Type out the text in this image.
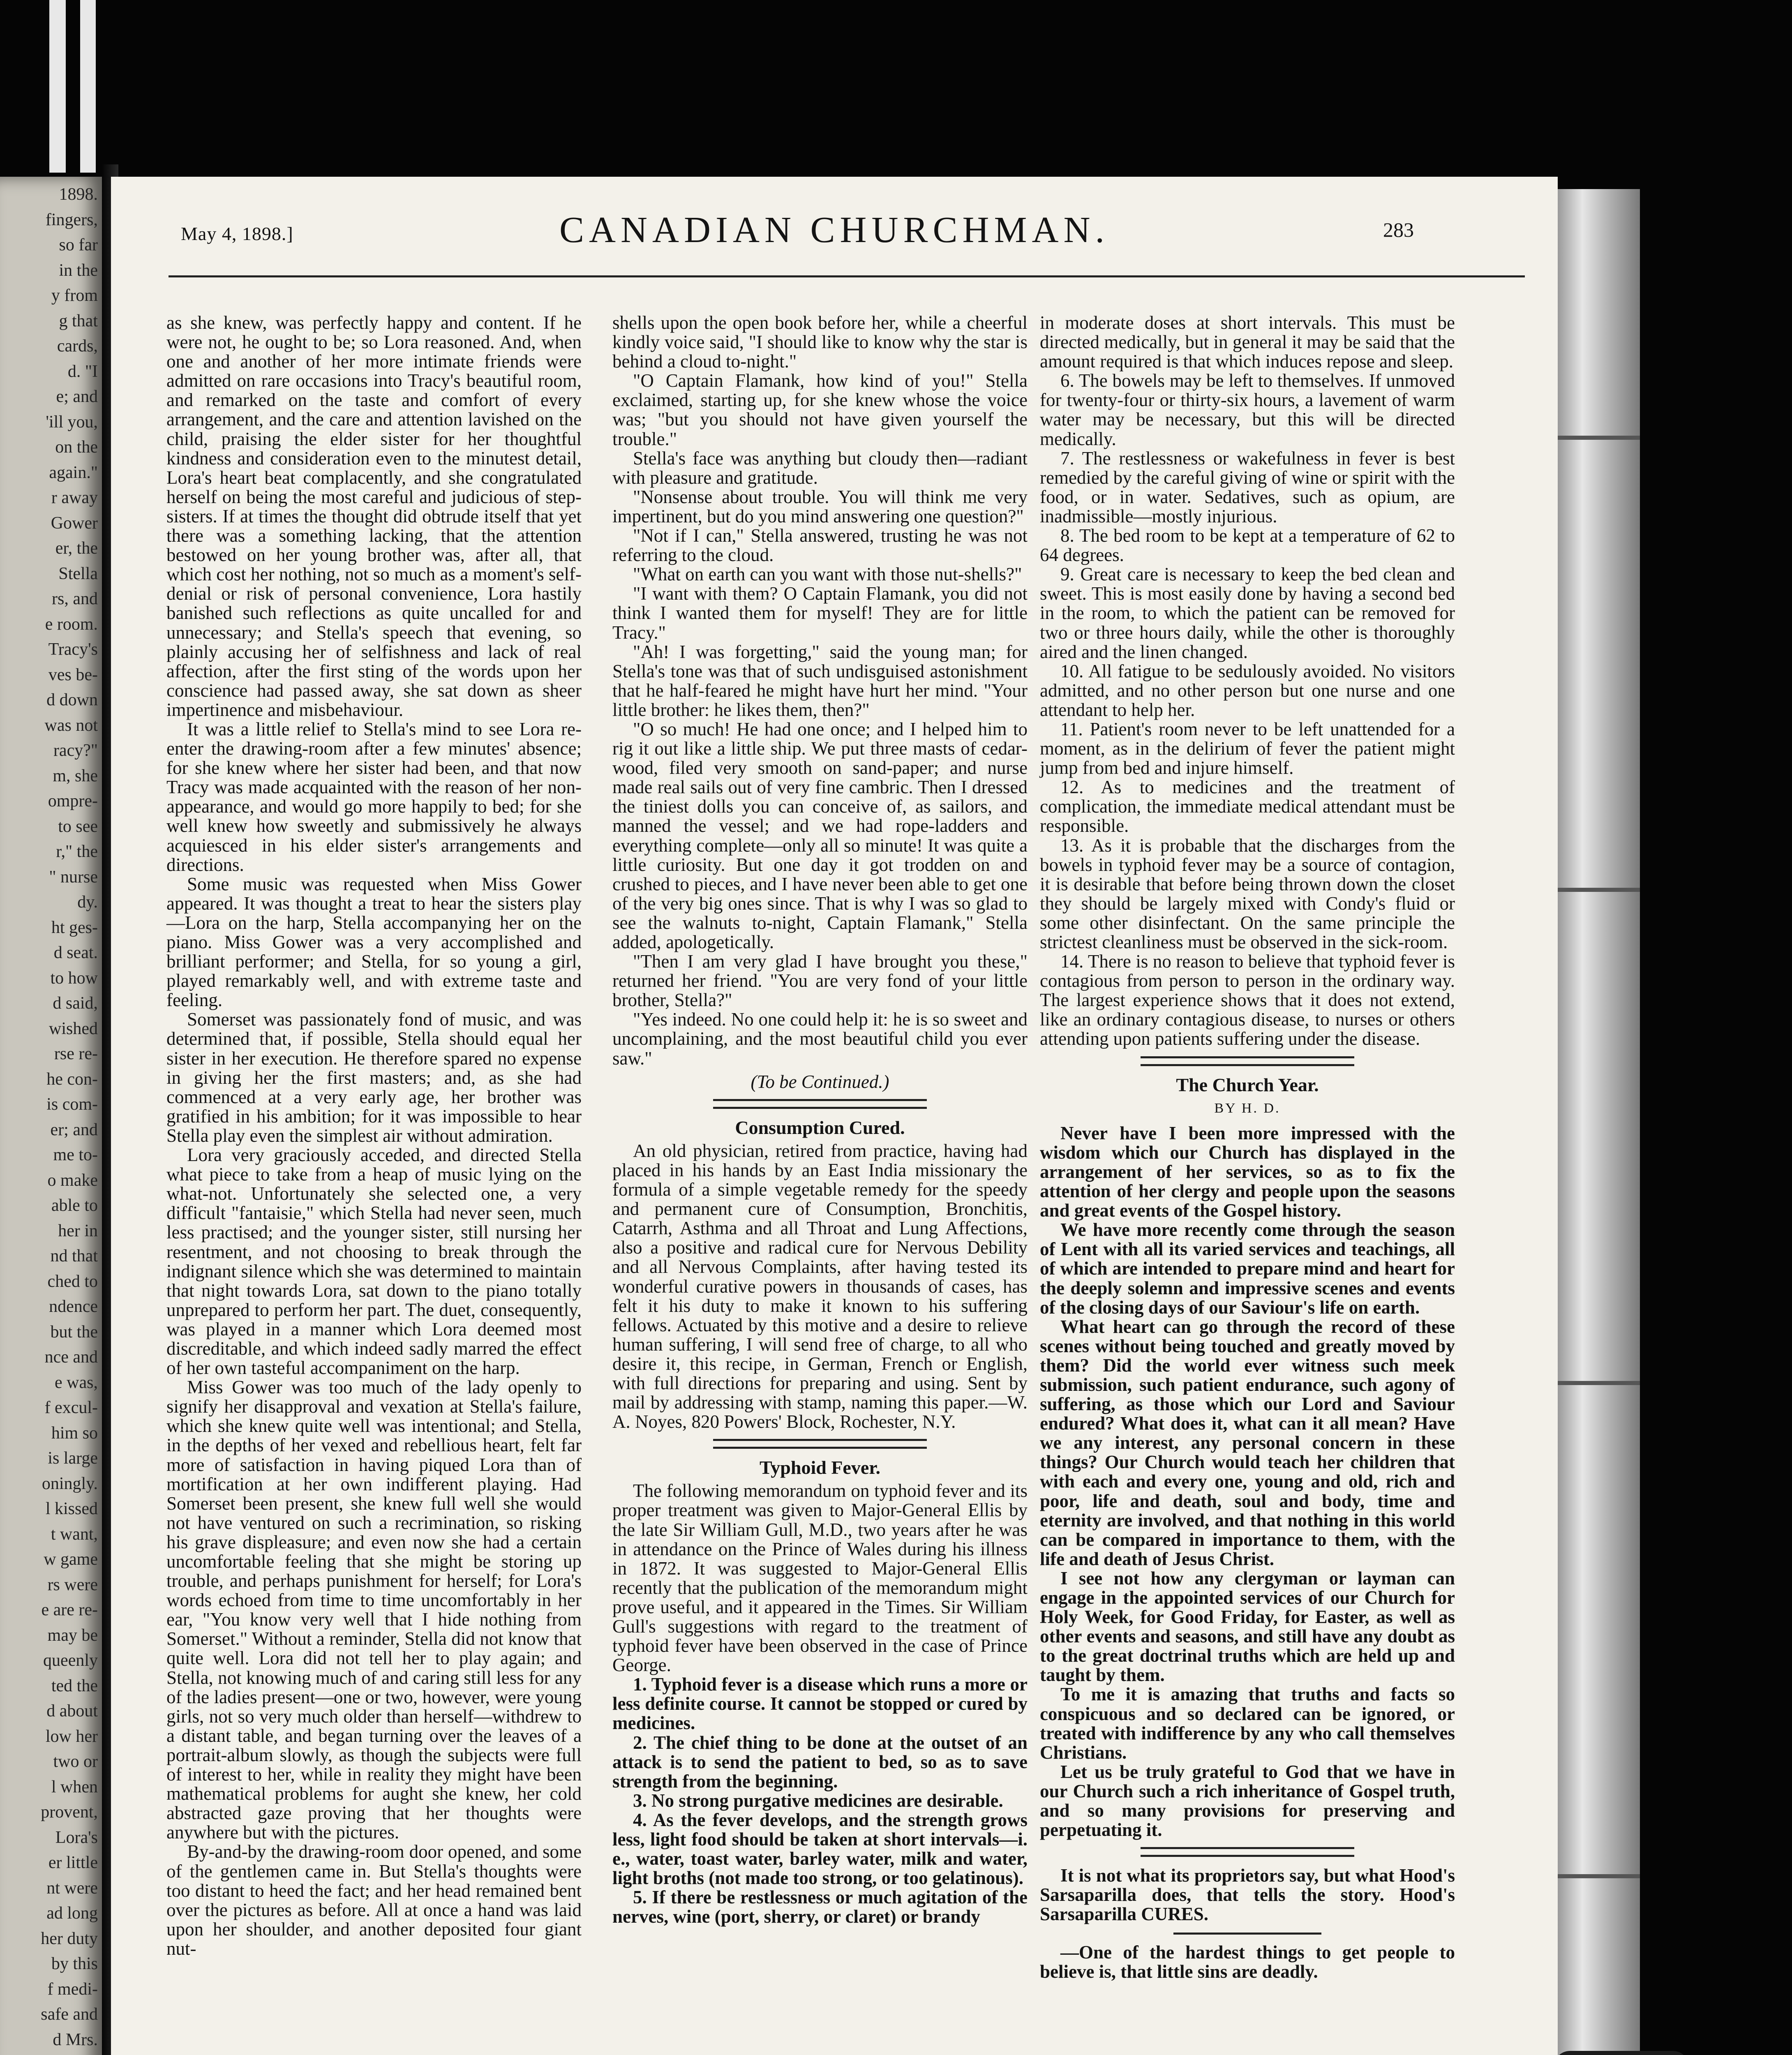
1898.
fingers,
so far
in the
y from
g that
cards,
d. "I
e; and
'ill you,
on the
again."
r away
Gower
er, the
Stella
rs, and
e room.
Tracy's
ves be-
d down
was not
racy?"
m, she
ompre-
to see
r," the
" nurse
dy.
ht ges-
d seat.
to how
d said,
wished
rse re-
he con-
is com-
er; and
me to-
o make
able to
her in
nd that
ched to
ndence
but the
nce and
e was,
f excul-
him so
is large
oningly.
l kissed
t want,
w game
rs were
e are re-
may be
queenly
ted the
d about
low her
two or
l when
provent,
Lora's
er little
nt were
ad long
her duty
by this
f medi-
safe and
d Mrs.
May 4, 1898.]	CANADIAN CHURCHMAN.	283

as she knew, was perfectly happy and content. If he were not, he ought to be; so Lora reasoned. And, when one and another of her more intimate friends were admitted on rare occasions into Tracy's beautiful room, and remarked on the taste and comfort of every arrangement, and the care and attention lavished on the child, praising the elder sister for her thoughtful kindness and consideration even to the minutest detail, Lora's heart beat complacently, and she congratulated herself on being the most careful and judicious of step-sisters. If at times the thought did obtrude itself that yet there was a something lacking, that the attention bestowed on her young brother was, after all, that which cost her nothing, not so much as a moment's self-denial or risk of personal convenience, Lora hastily banished such reflections as quite uncalled for and unnecessary; and Stella's speech that evening, so plainly accusing her of selfishness and lack of real affection, after the first sting of the words upon her conscience had passed away, she sat down as sheer impertinence and misbehaviour.

It was a little relief to Stella's mind to see Lora re-enter the drawing-room after a few minutes' absence; for she knew where her sister had been, and that now Tracy was made acquainted with the reason of her non-appearance, and would go more happily to bed; for she well knew how sweetly and submissively he always acquiesced in his elder sister's arrangements and directions.

Some music was requested when Miss Gower appeared. It was thought a treat to hear the sisters play—Lora on the harp, Stella accompanying her on the piano. Miss Gower was a very accomplished and brilliant performer; and Stella, for so young a girl, played remarkably well, and with extreme taste and feeling.

Somerset was passionately fond of music, and was determined that, if possible, Stella should equal her sister in her execution. He therefore spared no expense in giving her the first masters; and, as she had commenced at a very early age, her brother was gratified in his ambition; for it was impossible to hear Stella play even the simplest air without admiration.

Lora very graciously acceded, and directed Stella what piece to take from a heap of music lying on the what-not. Unfortunately she selected one, a very difficult "fantaisie," which Stella had never seen, much less practised; and the younger sister, still nursing her resentment, and not choosing to break through the indignant silence which she was determined to maintain that night towards Lora, sat down to the piano totally unprepared to perform her part. The duet, consequently, was played in a manner which Lora deemed most discreditable, and which indeed sadly marred the effect of her own tasteful accompaniment on the harp.

Miss Gower was too much of the lady openly to signify her disapproval and vexation at Stella's failure, which she knew quite well was intentional; and Stella, in the depths of her vexed and rebellious heart, felt far more of satisfaction in having piqued Lora than of mortification at her own indifferent playing. Had Somerset been present, she knew full well she would not have ventured on such a recrimination, so risking his grave displeasure; and even now she had a certain uncomfortable feeling that she might be storing up trouble, and perhaps punishment for herself; for Lora's words echoed from time to time uncomfortably in her ear, "You know very well that I hide nothing from Somerset." Without a reminder, Stella did not know that quite well. Lora did not tell her to play again; and Stella, not knowing much of and caring still less for any of the ladies present—one or two, however, were young girls, not so very much older than herself—withdrew to a distant table, and began turning over the leaves of a portrait-album slowly, as though the subjects were full of interest to her, while in reality they might have been mathematical problems for aught she knew, her cold abstracted gaze proving that her thoughts were anywhere but with the pictures.

By-and-by the drawing-room door opened, and some of the gentlemen came in. But Stella's thoughts were too distant to heed the fact; and her head remained bent over the pictures as before. All at once a hand was laid upon her shoulder, and another deposited four giant nut-

shells upon the open book before her, while a cheerful kindly voice said, "I should like to know why the star is behind a cloud to-night."

"O Captain Flamank, how kind of you!" Stella exclaimed, starting up, for she knew whose the voice was; "but you should not have given yourself the trouble."

Stella's face was anything but cloudy then—radiant with pleasure and gratitude.

"Nonsense about trouble. You will think me very impertinent, but do you mind answering one question?"

"Not if I can," Stella answered, trusting he was not referring to the cloud.

"What on earth can you want with those nut-shells?"

"I want with them? O Captain Flamank, you did not think I wanted them for myself! They are for little Tracy."

"Ah! I was forgetting," said the young man; for Stella's tone was that of such undisguised astonishment that he half-feared he might have hurt her mind. "Your little brother: he likes them, then?"

"O so much! He had one once; and I helped him to rig it out like a little ship. We put three masts of cedar-wood, filed very smooth on sand-paper; and nurse made real sails out of very fine cambric. Then I dressed the tiniest dolls you can conceive of, as sailors, and manned the vessel; and we had rope-ladders and everything complete—only all so minute! It was quite a little curiosity. But one day it got trodden on and crushed to pieces, and I have never been able to get one of the very big ones since. That is why I was so glad to see the walnuts to-night, Captain Flamank," Stella added, apologetically.

"Then I am very glad I have brought you these," returned her friend. "You are very fond of your little brother, Stella?"

"Yes indeed. No one could help it: he is so sweet and uncomplaining, and the most beautiful child you ever saw."

(To be Continued.)

Consumption Cured.

An old physician, retired from practice, having had placed in his hands by an East India missionary the formula of a simple vegetable remedy for the speedy and permanent cure of Consumption, Bronchitis, Catarrh, Asthma and all Throat and Lung Affections, also a positive and radical cure for Nervous Debility and all Nervous Complaints, after having tested its wonderful curative powers in thousands of cases, has felt it his duty to make it known to his suffering fellows. Actuated by this motive and a desire to relieve human suffering, I will send free of charge, to all who desire it, this recipe, in German, French or English, with full directions for preparing and using. Sent by mail by addressing with stamp, naming this paper.—W. A. Noyes, 820 Powers' Block, Rochester, N.Y.

Typhoid Fever.

The following memorandum on typhoid fever and its proper treatment was given to Major-General Ellis by the late Sir William Gull, M.D., two years after he was in attendance on the Prince of Wales during his illness in 1872. It was suggested to Major-General Ellis recently that the publication of the memorandum might prove useful, and it appeared in the Times. Sir William Gull's suggestions with regard to the treatment of typhoid fever have been observed in the case of Prince George.

1. Typhoid fever is a disease which runs a more or less definite course. It cannot be stopped or cured by medicines.

2. The chief thing to be done at the outset of an attack is to send the patient to bed, so as to save strength from the beginning.

3. No strong purgative medicines are desirable.

4. As the fever develops, and the strength grows less, light food should be taken at short intervals—i. e., water, toast water, barley water, milk and water, light broths (not made too strong, or too gelatinous).

5. If there be restlessness or much agitation of the nerves, wine (port, sherry, or claret) or brandy

in moderate doses at short intervals. This must be directed medically, but in general it may be said that the amount required is that which induces repose and sleep.

6. The bowels may be left to themselves. If unmoved for twenty-four or thirty-six hours, a lavement of warm water may be necessary, but this will be directed medically.

7. The restlessness or wakefulness in fever is best remedied by the careful giving of wine or spirit with the food, or in water. Sedatives, such as opium, are inadmissible—mostly injurious.

8. The bed room to be kept at a temperature of 62 to 64 degrees.

9. Great care is necessary to keep the bed clean and sweet. This is most easily done by having a second bed in the room, to which the patient can be removed for two or three hours daily, while the other is thoroughly aired and the linen changed.

10. All fatigue to be sedulously avoided. No visitors admitted, and no other person but one nurse and one attendant to help her.

11. Patient's room never to be left unattended for a moment, as in the delirium of fever the patient might jump from bed and injure himself.

12. As to medicines and the treatment of complication, the immediate medical attendant must be responsible.

13. As it is probable that the discharges from the bowels in typhoid fever may be a source of contagion, it is desirable that before being thrown down the closet they should be largely mixed with Condy's fluid or some other disinfectant. On the same principle the strictest cleanliness must be observed in the sick-room.

14. There is no reason to believe that typhoid fever is contagious from person to person in the ordinary way. The largest experience shows that it does not extend, like an ordinary contagious disease, to nurses or others attending upon patients suffering under the disease.

The Church Year.
BY H. D.

Never have I been more impressed with the wisdom which our Church has displayed in the arrangement of her services, so as to fix the attention of her clergy and people upon the seasons and great events of the Gospel history.

We have more recently come through the season of Lent with all its varied services and teachings, all of which are intended to prepare mind and heart for the deeply solemn and impressive scenes and events of the closing days of our Saviour's life on earth.

What heart can go through the record of these scenes without being touched and greatly moved by them? Did the world ever witness such meek submission, such patient endurance, such agony of suffering, as those which our Lord and Saviour endured? What does it, what can it all mean? Have we any interest, any personal concern in these things? Our Church would teach her children that with each and every one, young and old, rich and poor, life and death, soul and body, time and eternity are involved, and that nothing in this world can be compared in importance to them, with the life and death of Jesus Christ.

I see not how any clergyman or layman can engage in the appointed services of our Church for Holy Week, for Good Friday, for Easter, as well as other events and seasons, and still have any doubt as to the great doctrinal truths which are held up and taught by them.

To me it is amazing that truths and facts so conspicuous and so declared can be ignored, or treated with indifference by any who call themselves Christians.

Let us be truly grateful to God that we have in our Church such a rich inheritance of Gospel truth, and so many provisions for preserving and perpetuating it.

It is not what its proprietors say, but what Hood's Sarsaparilla does, that tells the story. Hood's Sarsaparilla CURES.

—One of the hardest things to get people to believe is, that little sins are deadly.
